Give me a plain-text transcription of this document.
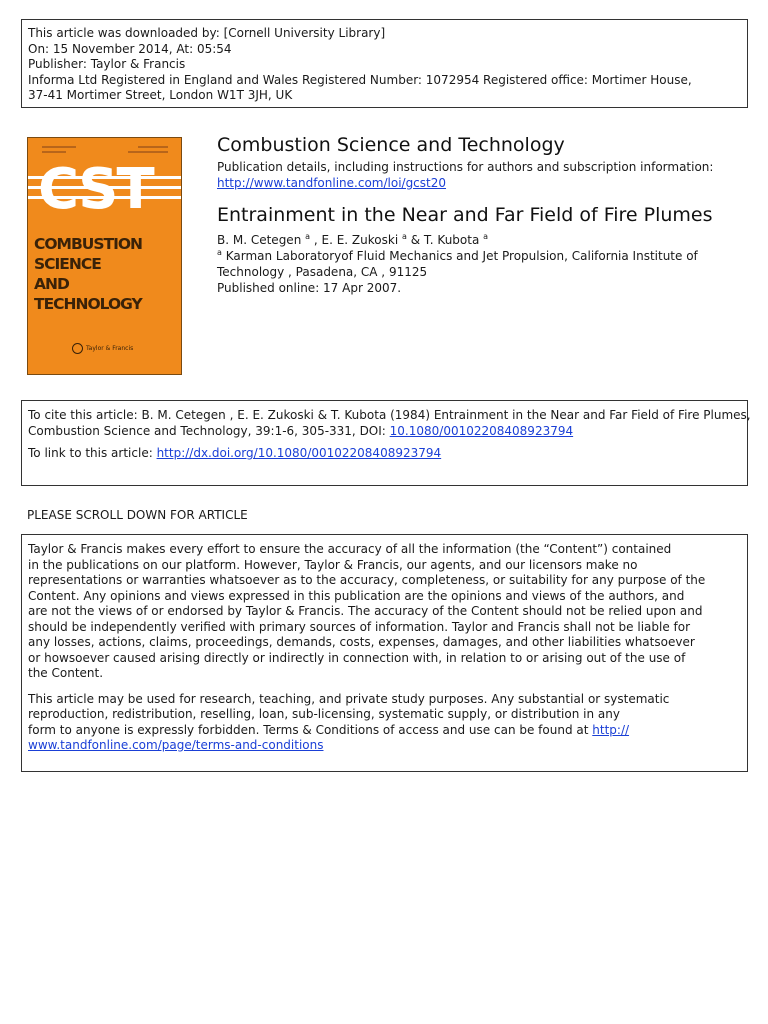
This article was downloaded by: [Cornell University Library]
On: 15 November 2014, At: 05:54
Publisher: Taylor & Francis
Informa Ltd Registered in England and Wales Registered Number: 1072954 Registered office: Mortimer House,
37-41 Mortimer Street, London W1T 3JH, UK
CST
COMBUSTION
SCIENCE
AND
TECHNOLOGY
Taylor & Francis
Combustion Science and Technology
Publication details, including instructions for authors and subscription information:
http://www.tandfonline.com/loi/gcst20
Entrainment in the Near and Far Field of Fire Plumes
B. M. Cetegen $^a$ , E. E. Zukoski $^a$ & T. Kubota $^a$
$^a$ Karman Laboratoryof Fluid Mechanics and Jet Propulsion, California Institute of
Technology , Pasadena, CA , 91125
Published online: 17 Apr 2007.
To cite this article: B. M. Cetegen , E. E. Zukoski & T. Kubota (1984) Entrainment in the Near and Far Field of Fire Plumes,
Combustion Science and Technology, 39:1-6, 305-331, DOI: 10.1080/00102208408923794
To link to this article: http://dx.doi.org/10.1080/00102208408923794
PLEASE SCROLL DOWN FOR ARTICLE

Taylor & Francis makes every effort to ensure the accuracy of all the information (the “Content”) contained
in the publications on our platform. However, Taylor & Francis, our agents, and our licensors make no
representations or warranties whatsoever as to the accuracy, completeness, or suitability for any purpose of the
Content. Any opinions and views expressed in this publication are the opinions and views of the authors, and
are not the views of or endorsed by Taylor & Francis. The accuracy of the Content should not be relied upon and
should be independently verified with primary sources of information. Taylor and Francis shall not be liable for
any losses, actions, claims, proceedings, demands, costs, expenses, damages, and other liabilities whatsoever
or howsoever caused arising directly or indirectly in connection with, in relation to or arising out of the use of
the Content.

This article may be used for research, teaching, and private study purposes. Any substantial or systematic
reproduction, redistribution, reselling, loan, sub-licensing, systematic supply, or distribution in any
form to anyone is expressly forbidden. Terms & Conditions of access and use can be found at http://
www.tandfonline.com/page/terms-and-conditions
